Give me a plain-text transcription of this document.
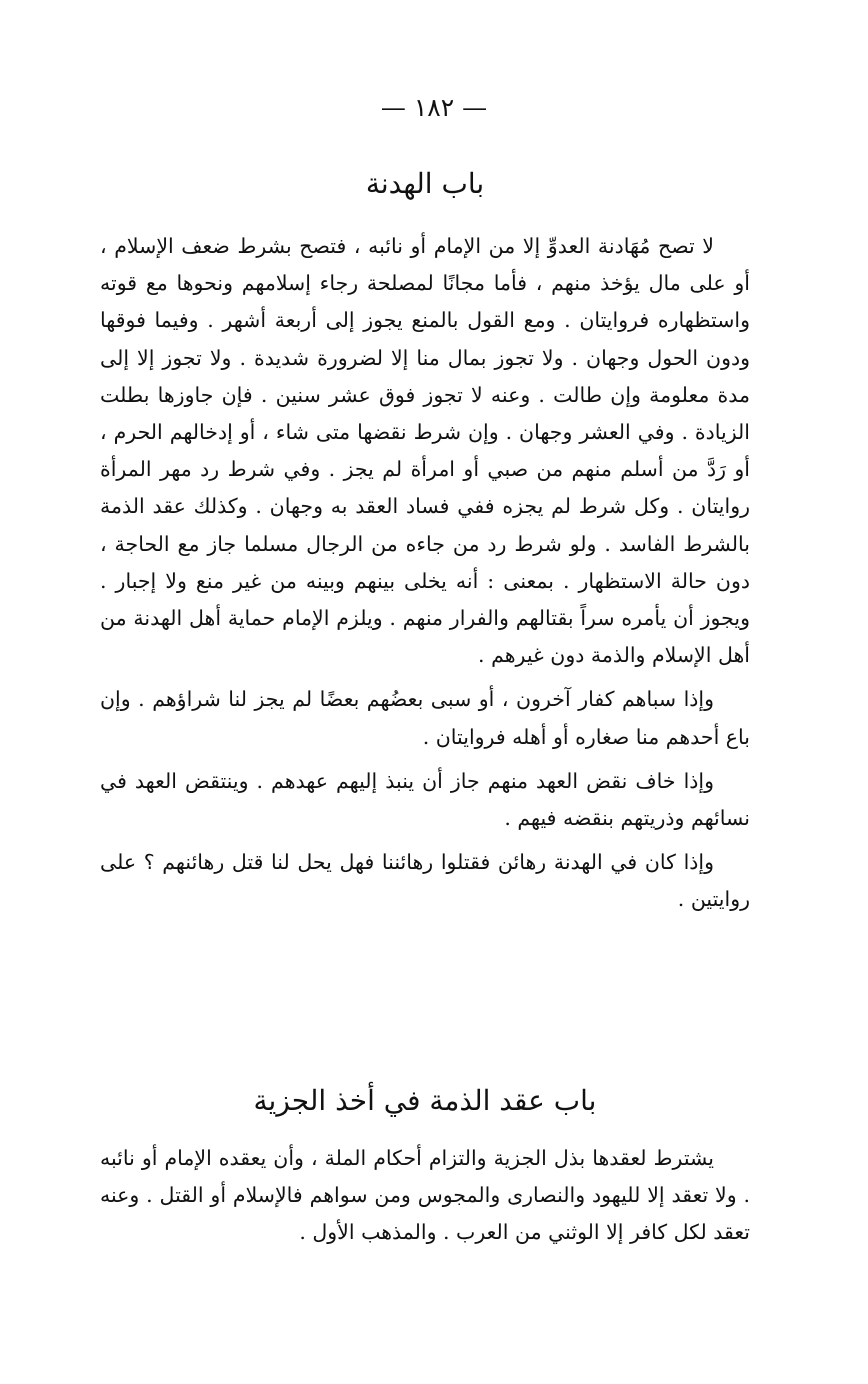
— ١٨٢ —
باب الهدنة

لا تصح مُهَادنة العدوِّ إلا من الإمام أو نائبه ، فتصح بشرط ضعف الإسلام ، أو على مال يؤخذ منهم ، فأما مجانًا لمصلحة رجاء إسلامهم ونحوها مع قوته واستظهاره فروايتان . ومع القول بالمنع يجوز إلى أربعة أشهر . وفيما فوقها ودون الحول وجهان . ولا تجوز بمال منا إلا لضرورة شديدة . ولا تجوز إلا إلى مدة معلومة وإن طالت . وعنه لا تجوز فوق عشر سنين . فإن جاوزها بطلت الزيادة . وفي العشر وجهان . وإن شرط نقضها متى شاء ، أو إدخالهم الحرم ، أو رَدَّ من أسلم منهم من صبي أو امرأة لم يجز . وفي شرط رد مهر المرأة روايتان . وكل شرط لم يجزه ففي فساد العقد به وجهان . وكذلك عقد الذمة بالشرط الفاسد . ولو شرط رد من جاءه من الرجال مسلما جاز مع الحاجة ، دون حالة الاستظهار . بمعنى : أنه يخلى بينهم وبينه من غير منع ولا إجبار . ويجوز أن يأمره سراً بقتالهم والفرار منهم . ويلزم الإمام حماية أهل الهدنة من أهل الإسلام والذمة دون غيرهم .

وإذا سباهم كفار آخرون ، أو سبى بعضُهم بعضًا لم يجز لنا شراؤهم . وإن باع أحدهم منا صغاره أو أهله فروايتان .

وإذا خاف نقض العهد منهم جاز أن ينبذ إليهم عهدهم . وينتقض العهد في نسائهم وذريتهم بنقضه فيهم .

وإذا كان في الهدنة رهائن فقتلوا رهائننا فهل يحل لنا قتل رهائنهم ؟ على روايتين .

باب عقد الذمة في أخذ الجزية

يشترط لعقدها بذل الجزية والتزام أحكام الملة ، وأن يعقده الإمام أو نائبه . ولا تعقد إلا لليهود والنصارى والمجوس ومن سواهم فالإسلام أو القتل . وعنه تعقد لكل كافر إلا الوثني من العرب . والمذهب الأول .
